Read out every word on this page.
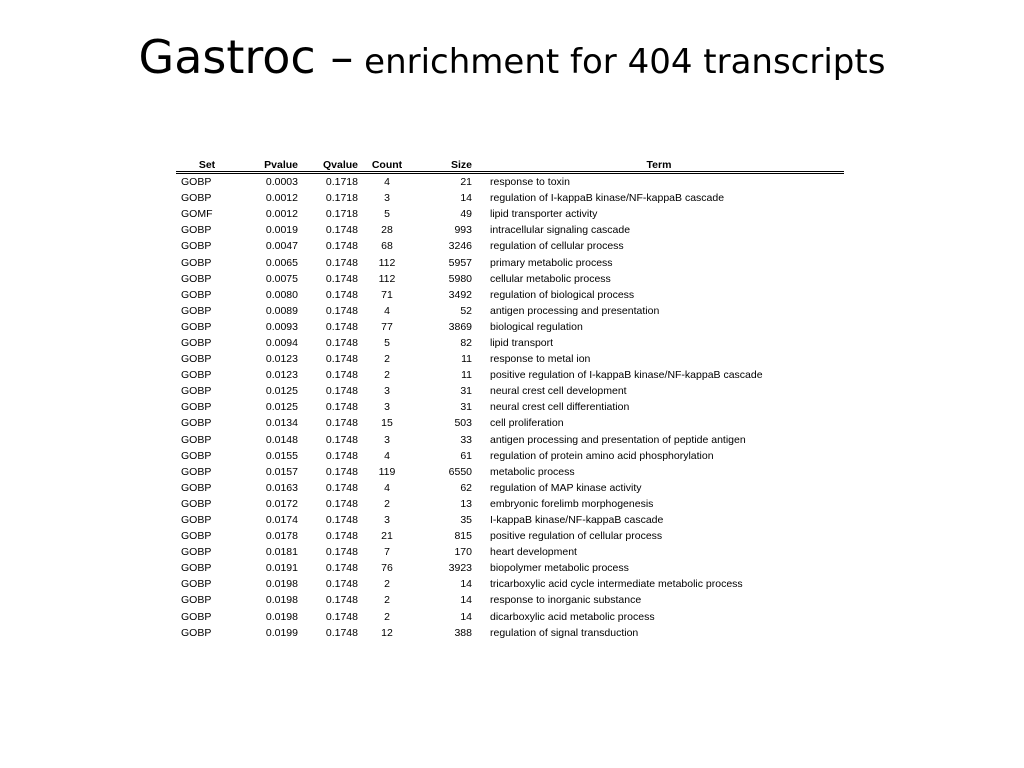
Gastroc – enrichment for 404 transcripts
Set	Pvalue	Qvalue	Count	Size	Term
GOBP	0.0003	0.1718	4	21	response to toxin
GOBP	0.0012	0.1718	3	14	regulation of I-kappaB kinase/NF-kappaB cascade
GOMF	0.0012	0.1718	5	49	lipid transporter activity
GOBP	0.0019	0.1748	28	993	intracellular signaling cascade
GOBP	0.0047	0.1748	68	3246	regulation of cellular process
GOBP	0.0065	0.1748	112	5957	primary metabolic process
GOBP	0.0075	0.1748	112	5980	cellular metabolic process
GOBP	0.0080	0.1748	71	3492	regulation of biological process
GOBP	0.0089	0.1748	4	52	antigen processing and presentation
GOBP	0.0093	0.1748	77	3869	biological regulation
GOBP	0.0094	0.1748	5	82	lipid transport
GOBP	0.0123	0.1748	2	11	response to metal ion
GOBP	0.0123	0.1748	2	11	positive regulation of I-kappaB kinase/NF-kappaB cascade
GOBP	0.0125	0.1748	3	31	neural crest cell development
GOBP	0.0125	0.1748	3	31	neural crest cell differentiation
GOBP	0.0134	0.1748	15	503	cell proliferation
GOBP	0.0148	0.1748	3	33	antigen processing and presentation of peptide antigen
GOBP	0.0155	0.1748	4	61	regulation of protein amino acid phosphorylation
GOBP	0.0157	0.1748	119	6550	metabolic process
GOBP	0.0163	0.1748	4	62	regulation of MAP kinase activity
GOBP	0.0172	0.1748	2	13	embryonic forelimb morphogenesis
GOBP	0.0174	0.1748	3	35	I-kappaB kinase/NF-kappaB cascade
GOBP	0.0178	0.1748	21	815	positive regulation of cellular process
GOBP	0.0181	0.1748	7	170	heart development
GOBP	0.0191	0.1748	76	3923	biopolymer metabolic process
GOBP	0.0198	0.1748	2	14	tricarboxylic acid cycle intermediate metabolic process
GOBP	0.0198	0.1748	2	14	response to inorganic substance
GOBP	0.0198	0.1748	2	14	dicarboxylic acid metabolic process
GOBP	0.0199	0.1748	12	388	regulation of signal transduction
